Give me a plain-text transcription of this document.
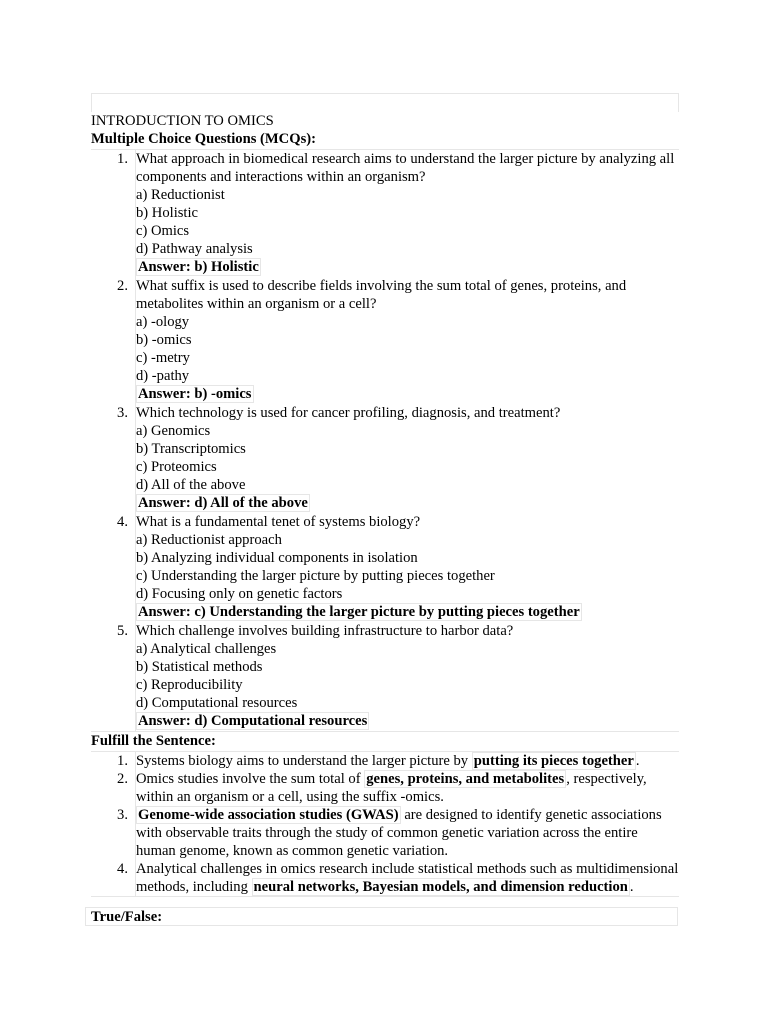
INTRODUCTION TO OMICS
Multiple Choice Questions (MCQs):
1. What approach in biomedical research aims to understand the larger picture by analyzing all components and interactions within an organism?
a) Reductionist
b) Holistic
c) Omics
d) Pathway analysis
Answer: b) Holistic
2. What suffix is used to describe fields involving the sum total of genes, proteins, and metabolites within an organism or a cell?
a) -ology
b) -omics
c) -metry
d) -pathy
Answer: b) -omics
3. Which technology is used for cancer profiling, diagnosis, and treatment?
a) Genomics
b) Transcriptomics
c) Proteomics
d) All of the above
Answer: d) All of the above
4. What is a fundamental tenet of systems biology?
a) Reductionist approach
b) Analyzing individual components in isolation
c) Understanding the larger picture by putting pieces together
d) Focusing only on genetic factors
Answer: c) Understanding the larger picture by putting pieces together
5. Which challenge involves building infrastructure to harbor data?
a) Analytical challenges
b) Statistical methods
c) Reproducibility
d) Computational resources
Answer: d) Computational resources
Fulfill the Sentence:
1. Systems biology aims to understand the larger picture by putting its pieces together .
2. Omics studies involve the sum total of genes, proteins, and metabolites , respectively, within an organism or a cell, using the suffix -omics.
3. Genome-wide association studies (GWAS) are designed to identify genetic associations with observable traits through the study of common genetic variation across the entire human genome, known as common genetic variation.
4. Analytical challenges in omics research include statistical methods such as multidimensional methods, including neural networks, Bayesian models, and dimension reduction .
True/False:
